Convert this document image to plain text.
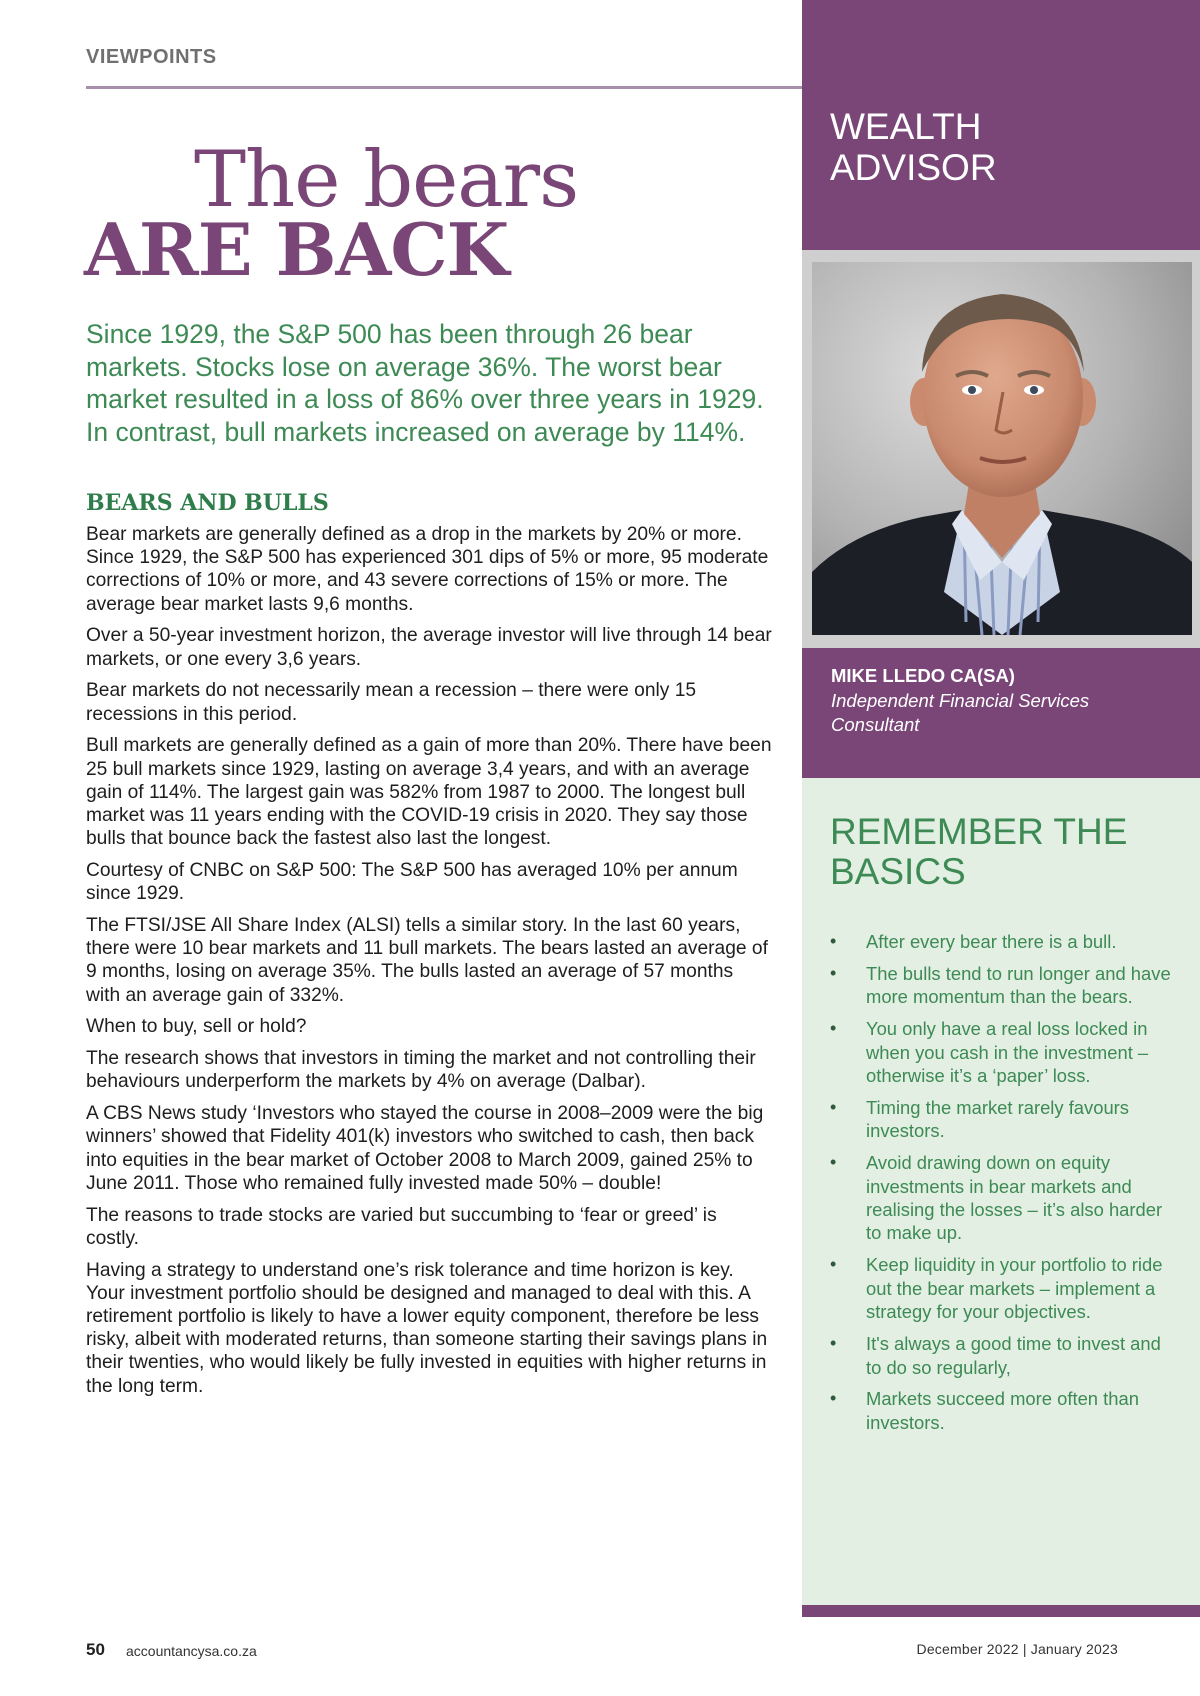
VIEWPOINTS
The bears
ARE BACK
Since 1929, the S&P 500 has been through 26 bear markets. Stocks lose on average 36%. The worst bear market resulted in a loss of 86% over three years in 1929. In contrast, bull markets increased on average by 114%.
BEARS AND BULLS

Bear markets are generally defined as a drop in the markets by 20% or more. Since 1929, the S&P 500 has experienced 301 dips of 5% or more, 95 moderate corrections of 10% or more, and 43 severe corrections of 15% or more. The average bear market lasts 9,6 months.

Over a 50-year investment horizon, the average investor will live through 14 bear markets, or one every 3,6 years.

Bear markets do not necessarily mean a recession – there were only 15 recessions in this period.

Bull markets are generally defined as a gain of more than 20%. There have been 25 bull markets since 1929, lasting on average 3,4 years, and with an average gain of 114%. The largest gain was 582% from 1987 to 2000. The longest bull market was 11 years ending with the COVID-19 crisis in 2020. They say those bulls that bounce back the fastest also last the longest.

Courtesy of CNBC on S&P 500: The S&P 500 has averaged 10% per annum since 1929.

The FTSI/JSE All Share Index (ALSI) tells a similar story. In the last 60 years, there were 10 bear markets and 11 bull markets. The bears lasted an average of 9 months, losing on average 35%. The bulls lasted an average of 57 months with an average gain of 332%.

When to buy, sell or hold?

The research shows that investors in timing the market and not controlling their behaviours underperform the markets by 4% on average (Dalbar).

A CBS News study ‘Investors who stayed the course in 2008–2009 were the big winners’ showed that Fidelity 401(k) investors who switched to cash, then back into equities in the bear market of October 2008 to March 2009, gained 25% to June 2011. Those who remained fully invested made 50% – double!

The reasons to trade stocks are varied but succumbing to ‘fear or greed’ is costly.

Having a strategy to understand one’s risk tolerance and time horizon is key. Your investment portfolio should be designed and managed to deal with this. A retirement portfolio is likely to have a lower equity component, therefore be less risky, albeit with moderated returns, than someone starting their savings plans in their twenties, who would likely be fully invested in equities with higher returns in the long term.

WEALTH
ADVISOR
MIKE LLEDO CA(SA)
Independent Financial Services Consultant
REMEMBER THE BASICS
• After every bear there is a bull.
• The bulls tend to run longer and have more momentum than the bears.
• You only have a real loss locked in when you cash in the investment – otherwise it’s a ‘paper’ loss.
• Timing the market rarely favours investors.
• Avoid drawing down on equity investments in bear markets and realising the losses – it’s also harder to make up.
• Keep liquidity in your portfolio to ride out the bear markets – implement a strategy for your objectives.
• It's always a good time to invest and to do so regularly,
• Markets succeed more often than investors.
50 accountancysa.co.za	December 2022 | January 2023
